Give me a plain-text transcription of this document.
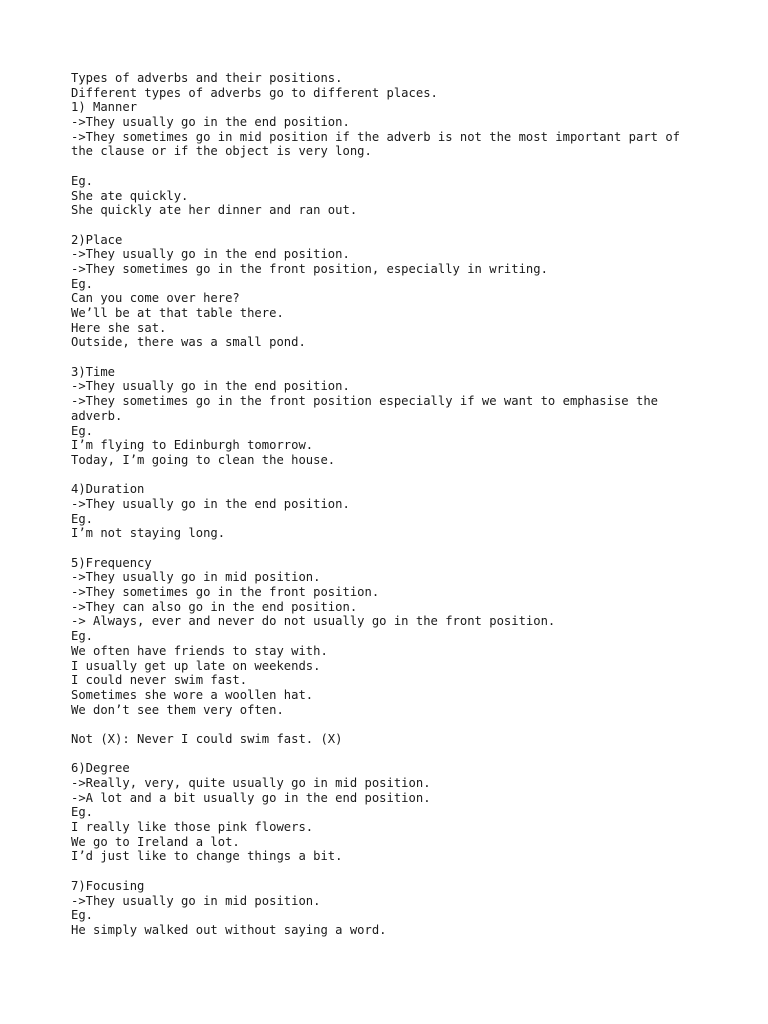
Types of adverbs and their positions.
Different types of adverbs go to different places.
1) Manner
->They usually go in the end position.
->They sometimes go in mid position if the adverb is not the most important part of
the clause or if the object is very long.
Eg.
She ate quickly.
She quickly ate her dinner and ran out.
2)Place
->They usually go in the end position.
->They sometimes go in the front position, especially in writing.
Eg.
Can you come over here?
We’ll be at that table there.
Here she sat.
Outside, there was a small pond.
3)Time
->They usually go in the end position.
->They sometimes go in the front position especially if we want to emphasise the
adverb.
Eg.
I’m flying to Edinburgh tomorrow.
Today, I’m going to clean the house.
4)Duration
->They usually go in the end position.
Eg.
I’m not staying long.
5)Frequency
->They usually go in mid position.
->They sometimes go in the front position.
->They can also go in the end position.
-> Always, ever and never do not usually go in the front position.
Eg.
We often have friends to stay with.
I usually get up late on weekends.
I could never swim fast.
Sometimes she wore a woollen hat.
We don’t see them very often.
Not (X): Never I could swim fast. (X)
6)Degree
->Really, very, quite usually go in mid position.
->A lot and a bit usually go in the end position.
Eg.
I really like those pink flowers.
We go to Ireland a lot.
I’d just like to change things a bit.
7)Focusing
->They usually go in mid position.
Eg.
He simply walked out without saying a word.
